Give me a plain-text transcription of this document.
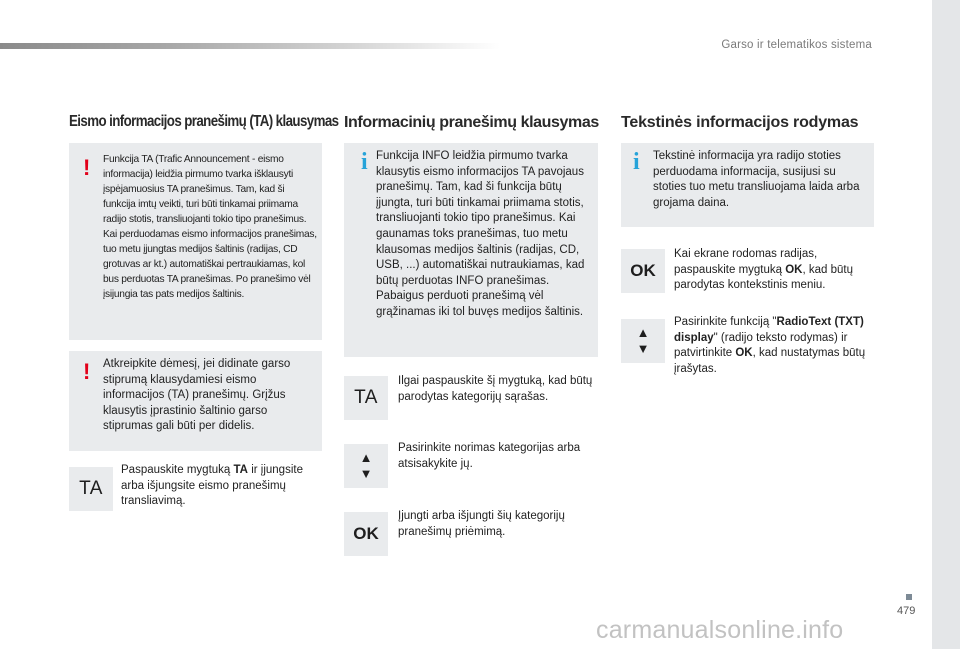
Garso ir telematikos sistema
Eismo informacijos pranešimų (TA) klausymas
! Funkcija TA (Trafic Announcement - eismo informacija) leidžia pirmumo tvarka išklausyti įspėjamuosius TA pranešimus. Tam, kad ši funkcija imtų veikti, turi būti tinkamai priimama radijo stotis, transliuojanti tokio tipo pranešimus. Kai perduodamas eismo informacijos pranešimas, tuo metu įjungtas medijos šaltinis (radijas, CD grotuvas ar kt.) automatiškai pertraukiamas, kol bus perduotas TA pranešimas. Po pranešimo vėl įsijungia tas pats medijos šaltinis.
! Atkreipkite dėmesį, jei didinate garso stiprumą klausydamiesi eismo informacijos (TA) pranešimų. Grįžus klausytis įprastinio šaltinio garso stiprumas gali būti per didelis.
TA
Paspauskite mygtuką TA ir įjungsite arba išjungsite eismo pranešimų transliavimą.
Informacinių pranešimų klausymas
i Funkcija INFO leidžia pirmumo tvarka klausytis eismo informacijos TA pavojaus pranešimų. Tam, kad ši funkcija būtų įjungta, turi būti tinkamai priimama stotis, transliuojanti tokio tipo pranešimus. Kai gaunamas toks pranešimas, tuo metu klausomas medijos šaltinis (radijas, CD, USB, ...) automatiškai nutraukiamas, kad būtų perduotas INFO pranešimas. Pabaigus perduoti pranešimą vėl grąžinamas iki tol buvęs medijos šaltinis.
TA
Ilgai paspauskite šį mygtuką, kad būtų parodytas kategorijų sąrašas.
▲
▼
Pasirinkite norimas kategorijas arba atsisakykite jų.
OK
Įjungti arba išjungti šių kategorijų pranešimų priėmimą.
Tekstinės informacijos rodymas
i Tekstinė informacija yra radijo stoties perduodama informacija, susijusi su stoties tuo metu transliuojama laida arba grojama daina.
OK
Kai ekrane rodomas radijas, paspauskite mygtuką OK, kad būtų parodytas kontekstinis meniu.
▲
▼
Pasirinkite funkciją "RadioText (TXT) display" (radijo teksto rodymas) ir patvirtinkite OK, kad nustatymas būtų įrašytas.
479
carmanualsonline.info
